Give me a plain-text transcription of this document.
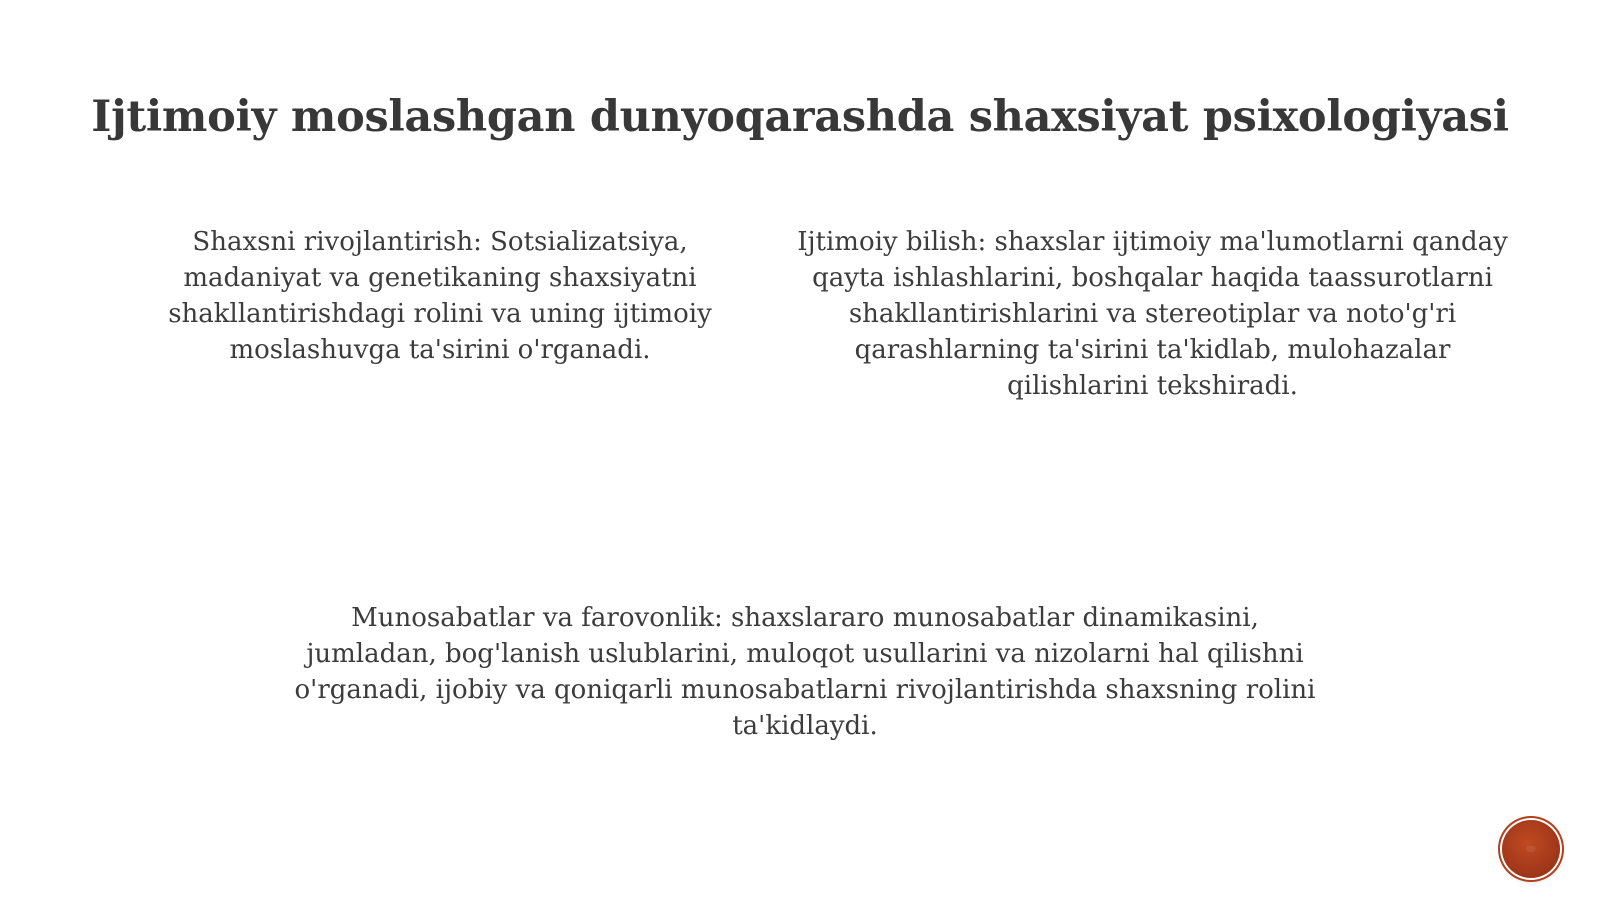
Ijtimoiy moslashgan dunyoqarashda shaxsiyat psixologiyasi
Shaxsni rivojlantirish: Sotsializatsiya, madaniyat va genetikaning shaxsiyatni shakllantirishdagi rolini va uning ijtimoiy moslashuvga ta'sirini o'rganadi.
Ijtimoiy bilish: shaxslar ijtimoiy ma'lumotlarni qanday qayta ishlashlarini, boshqalar haqida taassurotlarni shakllantirishlarini va stereotiplar va noto'g'ri qarashlarning ta'sirini ta'kidlab, mulohazalar qilishlarini tekshiradi.
Munosabatlar va farovonlik: shaxslararo munosabatlar dinamikasini, jumladan, bog'lanish uslublarini, muloqot usullarini va nizolarni hal qilishni o'rganadi, ijobiy va qoniqarli munosabatlarni rivojlantirishda shaxsning rolini ta'kidlaydi.
